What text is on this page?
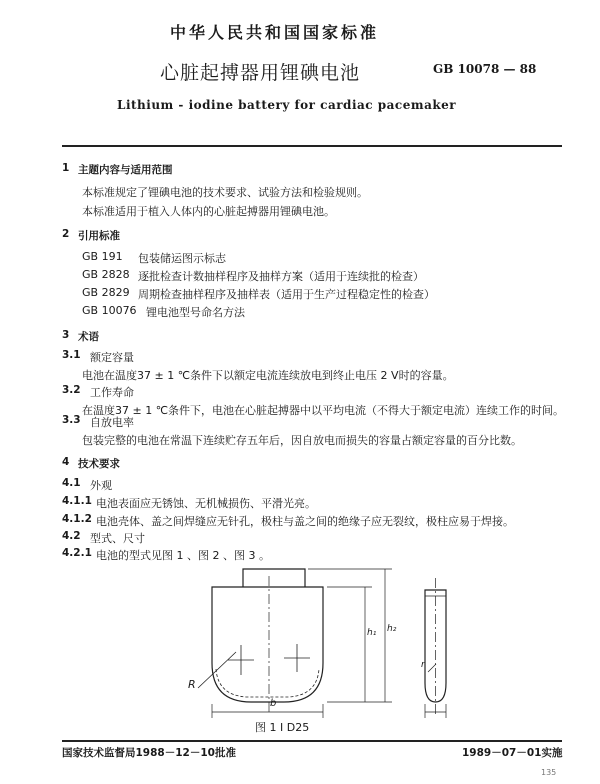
中华人民共和国国家标准
心脏起搏器用锂碘电池	GB 10078 — 88
Lithium - iodine battery for cardiac pacemaker
1 主题内容与适用范围
本标准规定了锂碘电池的技术要求、试验方法和检验规则。
本标准适用于植入人体内的心脏起搏器用锂碘电池。
2 引用标准
GB 191 包装储运图示标志
GB 2828 逐批检查计数抽样程序及抽样方案（适用于连续批的检查）
GB 2829 周期检查抽样程序及抽样表（适用于生产过程稳定性的检查）
GB 10076 锂电池型号命名方法
3 术语
3.1 额定容量
电池在温度37 ± 1 ℃条件下以额定电流连续放电到终止电压 2 V时的容量。
3.2 工作寿命
在温度37 ± 1 ℃条件下，电池在心脏起搏器中以平均电流（不得大于额定电流）连续工作的时间。
3.3 自放电率
包装完整的电池在常温下连续贮存五年后，因自放电而损失的容量占额定容量的百分比数。
4 技术要求
4.1 外观
4.1.1 电池表面应无锈蚀、无机械损伤、平滑光亮。
4.1.2 电池壳体、盖之间焊缝应无针孔，极柱与盖之间的绝缘子应无裂纹，极柱应易于焊接。
4.2 型式、尺寸
4.2.1 电池的型式见图 1 、图 2 、图 3 。
R
b
h₁ h₂
r
图 1 I D25
国家技术监督局1988－12－10批准	1989－07－01实施
135
